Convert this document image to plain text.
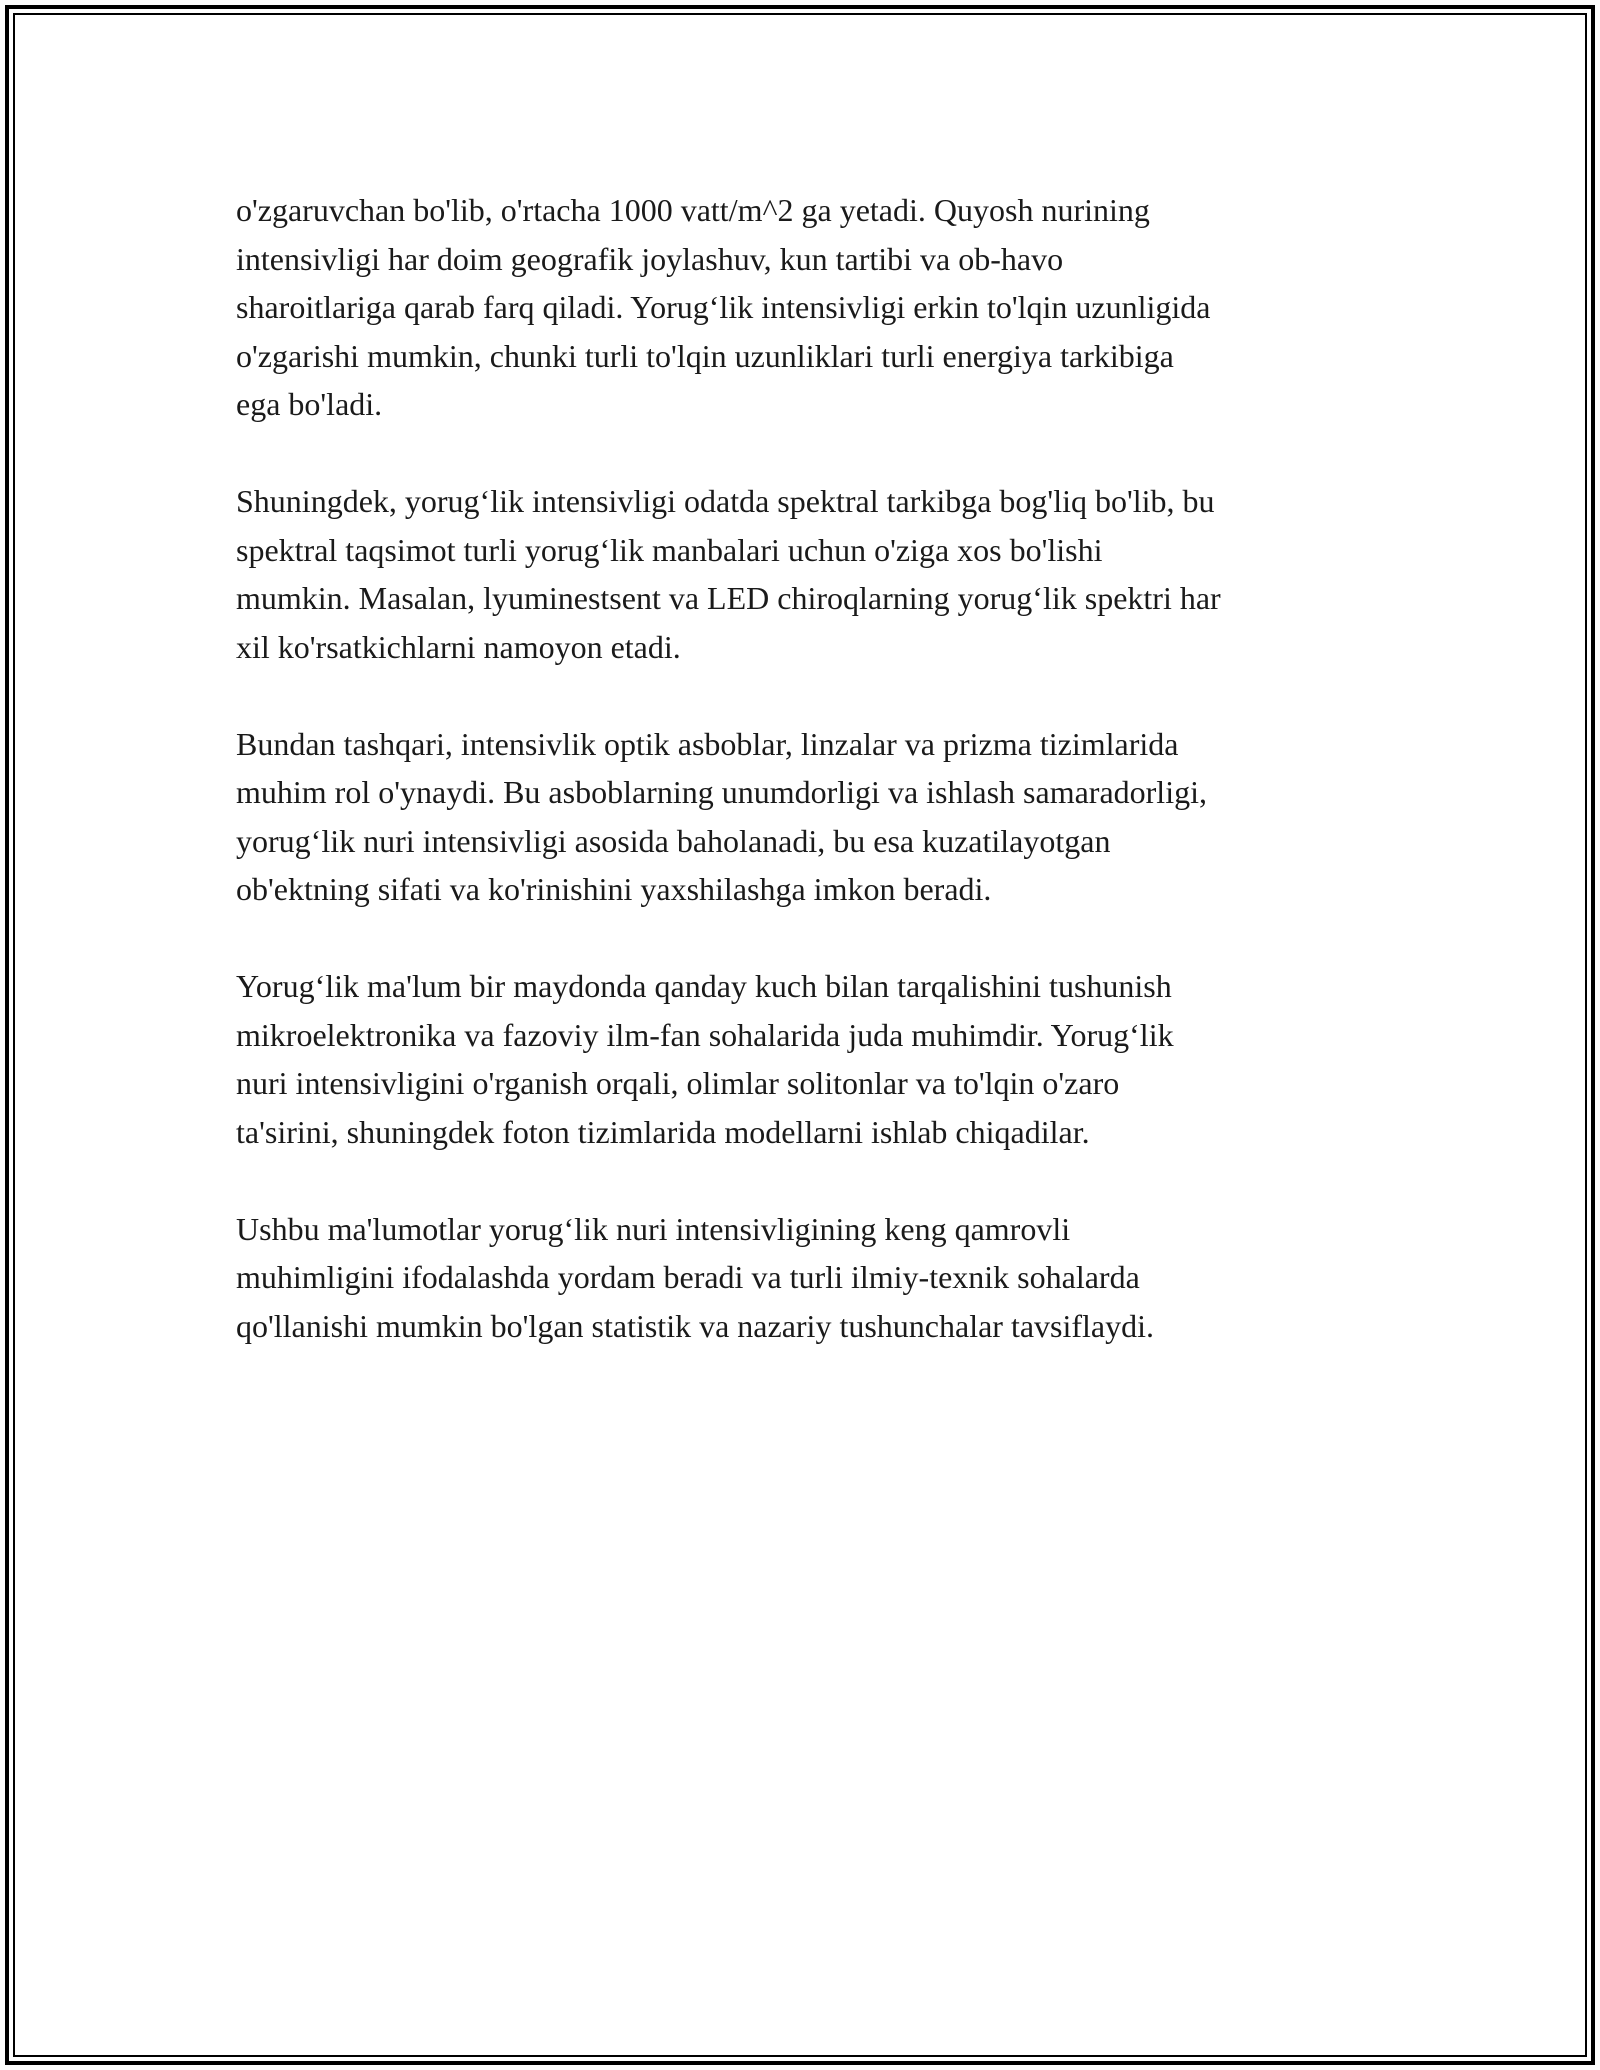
o'zgaruvchan bo'lib, o'rtacha 1000 vatt/m^2 ga yetadi. Quyosh nurining
intensivligi har doim geografik joylashuv, kun tartibi va ob-havo
sharoitlariga qarab farq qiladi. Yorug‘lik intensivligi erkin to'lqin uzunligida
o'zgarishi mumkin, chunki turli to'lqin uzunliklari turli energiya tarkibiga
ega bo'ladi.

Shuningdek, yorug‘lik intensivligi odatda spektral tarkibga bog'liq bo'lib, bu
spektral taqsimot turli yorug‘lik manbalari uchun o'ziga xos bo'lishi
mumkin. Masalan, lyuminestsent va LED chiroqlarning yorug‘lik spektri har
xil ko'rsatkichlarni namoyon etadi.

Bundan tashqari, intensivlik optik asboblar, linzalar va prizma tizimlarida
muhim rol o'ynaydi. Bu asboblarning unumdorligi va ishlash samaradorligi,
yorug‘lik nuri intensivligi asosida baholanadi, bu esa kuzatilayotgan
ob'ektning sifati va ko'rinishini yaxshilashga imkon beradi.

Yorug‘lik ma'lum bir maydonda qanday kuch bilan tarqalishini tushunish
mikroelektronika va fazoviy ilm-fan sohalarida juda muhimdir. Yorug‘lik
nuri intensivligini o'rganish orqali, olimlar solitonlar va to'lqin o'zaro
ta'sirini, shuningdek foton tizimlarida modellarni ishlab chiqadilar.

Ushbu ma'lumotlar yorug‘lik nuri intensivligining keng qamrovli
muhimligini ifodalashda yordam beradi va turli ilmiy-texnik sohalarda
qo'llanishi mumkin bo'lgan statistik va nazariy tushunchalar tavsiflaydi.
